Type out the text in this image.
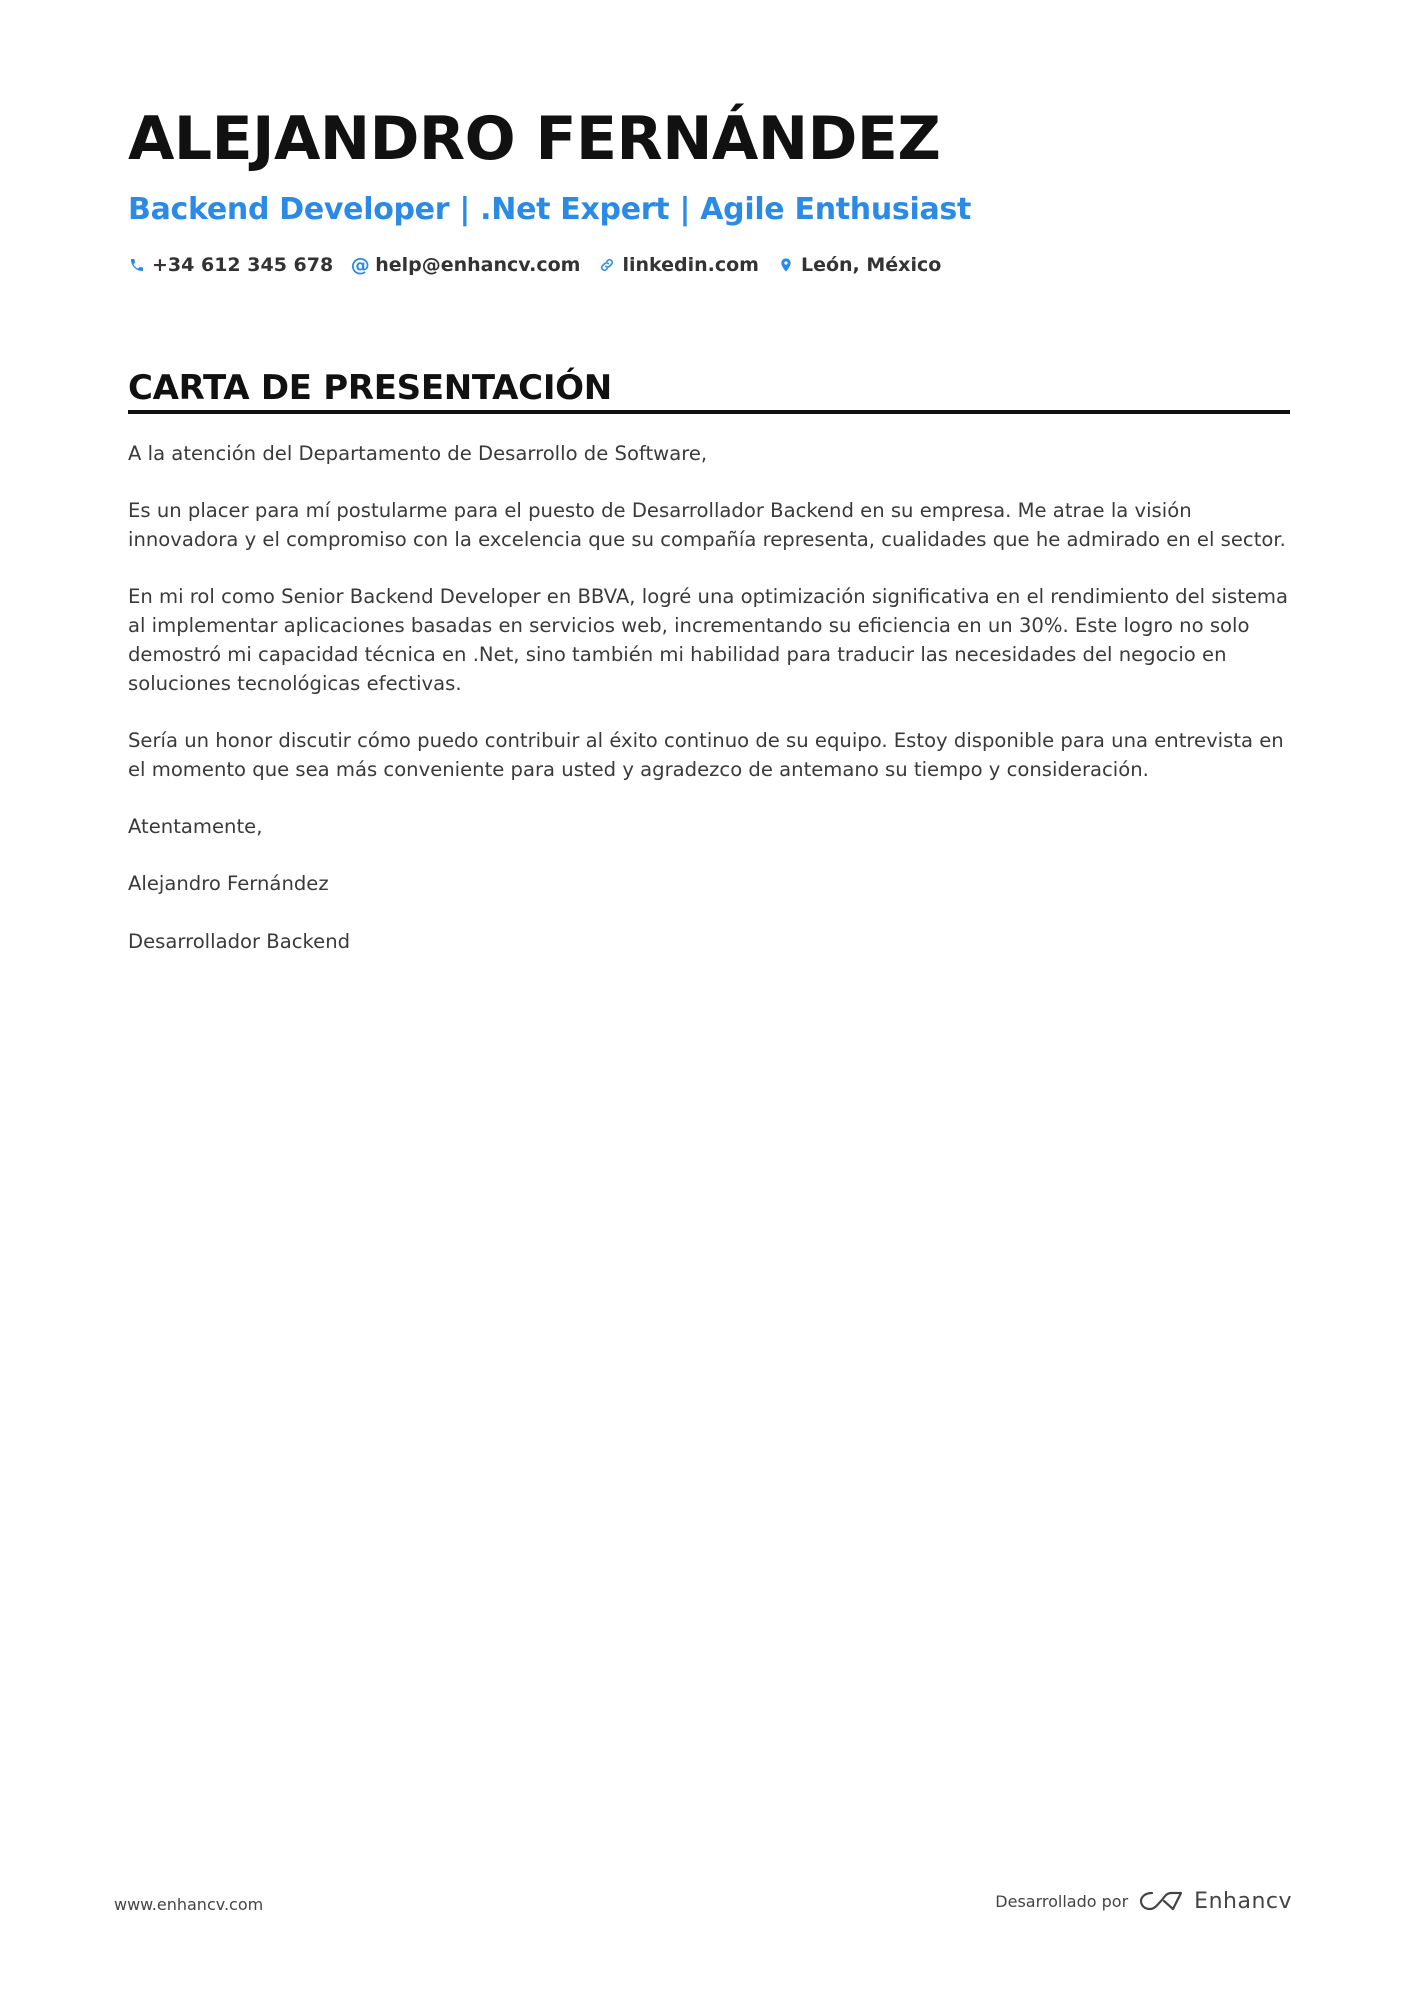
ALEJANDRO FERNÁNDEZ
Backend Developer | .Net Expert | Agile Enthusiast
+34 612 345 678 @ help@enhancv.com linkedin.com León, México
CARTA DE PRESENTACIÓN

A la atención del Departamento de Desarrollo de Software,

Es un placer para mí postularme para el puesto de Desarrollador Backend en su empresa. Me atrae la visión innovadora y el compromiso con la excelencia que su compañía representa, cualidades que he admirado en el sector.

En mi rol como Senior Backend Developer en BBVA, logré una optimización significativa en el rendimiento del sistema al implementar aplicaciones basadas en servicios web, incrementando su eficiencia en un 30%. Este logro no solo demostró mi capacidad técnica en .Net, sino también mi habilidad para traducir las necesidades del negocio en soluciones tecnológicas efectivas.

Sería un honor discutir cómo puedo contribuir al éxito continuo de su equipo. Estoy disponible para una entrevista en el momento que sea más conveniente para usted y agradezco de antemano su tiempo y consideración.

Atentamente,

Alejandro Fernández

Desarrollador Backend

www.enhancv.com	Desarrollado por	Enhancv
